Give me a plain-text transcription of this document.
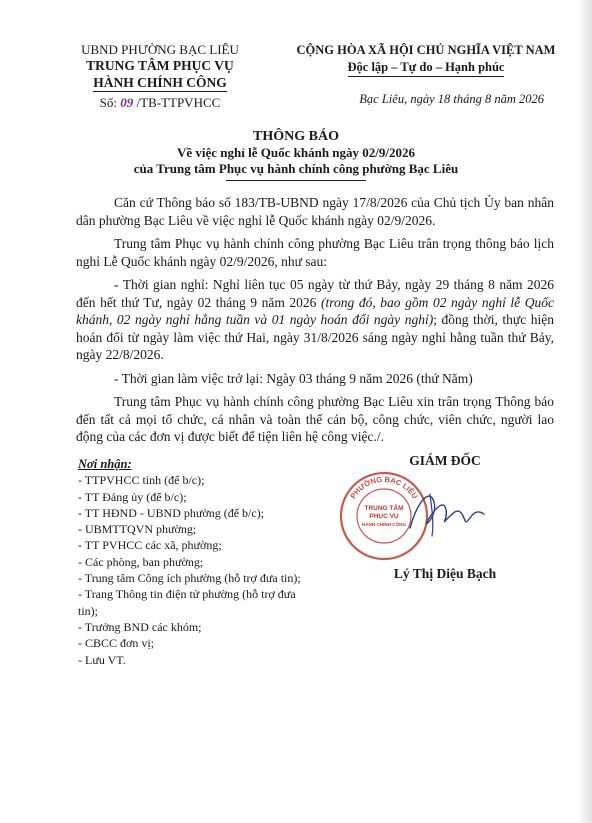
UBND PHƯỜNG BẠC LIÊU
TRUNG TÂM PHỤC VỤ
HÀNH CHÍNH CÔNG
Số: 09 /TB-TTPVHCC
CỘNG HÒA XÃ HỘI CHỦ NGHĨA VIỆT NAM
Độc lập – Tự do – Hạnh phúc
Bạc Liêu, ngày 18 tháng 8 năm 2026
THÔNG BÁO
Về việc nghỉ lễ Quốc khánh ngày 02/9/2026
của Trung tâm Phục vụ hành chính công phường Bạc Liêu

Căn cứ Thông báo số 183/TB-UBND ngày 17/8/2026 của Chủ tịch Ủy ban nhân dân phường Bạc Liêu về việc nghỉ lễ Quốc khánh ngày 02/9/2026.

Trung tâm Phục vụ hành chính công phường Bạc Liêu trân trọng thông báo lịch nghỉ Lễ Quốc khánh ngày 02/9/2026, như sau:

- Thời gian nghỉ: Nghỉ liên tục 05 ngày từ thứ Bảy, ngày 29 tháng 8 năm 2026 đến hết thứ Tư, ngày 02 tháng 9 năm 2026 (trong đó, bao gồm 02 ngày nghỉ lễ Quốc khánh, 02 ngày nghỉ hằng tuần và 01 ngày hoán đổi ngày nghỉ); đồng thời, thực hiện hoán đổi từ ngày làm việc thứ Hai, ngày 31/8/2026 sáng ngày nghỉ hằng tuần thứ Bảy, ngày 22/8/2026.

- Thời gian làm việc trở lại: Ngày 03 tháng 9 năm 2026 (thứ Năm)

Trung tâm Phục vụ hành chính công phường Bạc Liêu xin trân trọng Thông báo đến tất cả mọi tổ chức, cá nhân và toàn thể cán bộ, công chức, viên chức, người lao động của các đơn vị được biết để tiện liên hệ công việc./.

Nơi nhận:
- TTPVHCC tỉnh (để b/c);
- TT Đảng ủy (để b/c);
- TT HĐND - UBND phường (để b/c);
- UBMTTQVN phường;
- TT PVHCC các xã, phường;
- Các phòng, ban phường;
- Trung tâm Công ích phường (hỗ trợ đưa tin);
- Trang Thông tin điện tử phường (hỗ trợ đưa tin);
- Trưởng BND các khóm;
- CBCC đơn vị;
- Lưu VT.
GIÁM ĐỐC
Lý Thị Diệu Bạch
PHƯỜNG BẠC LIÊU
TRUNG TÂM
PHỤC VỤ
HÀNH CHÍNH CÔNG
